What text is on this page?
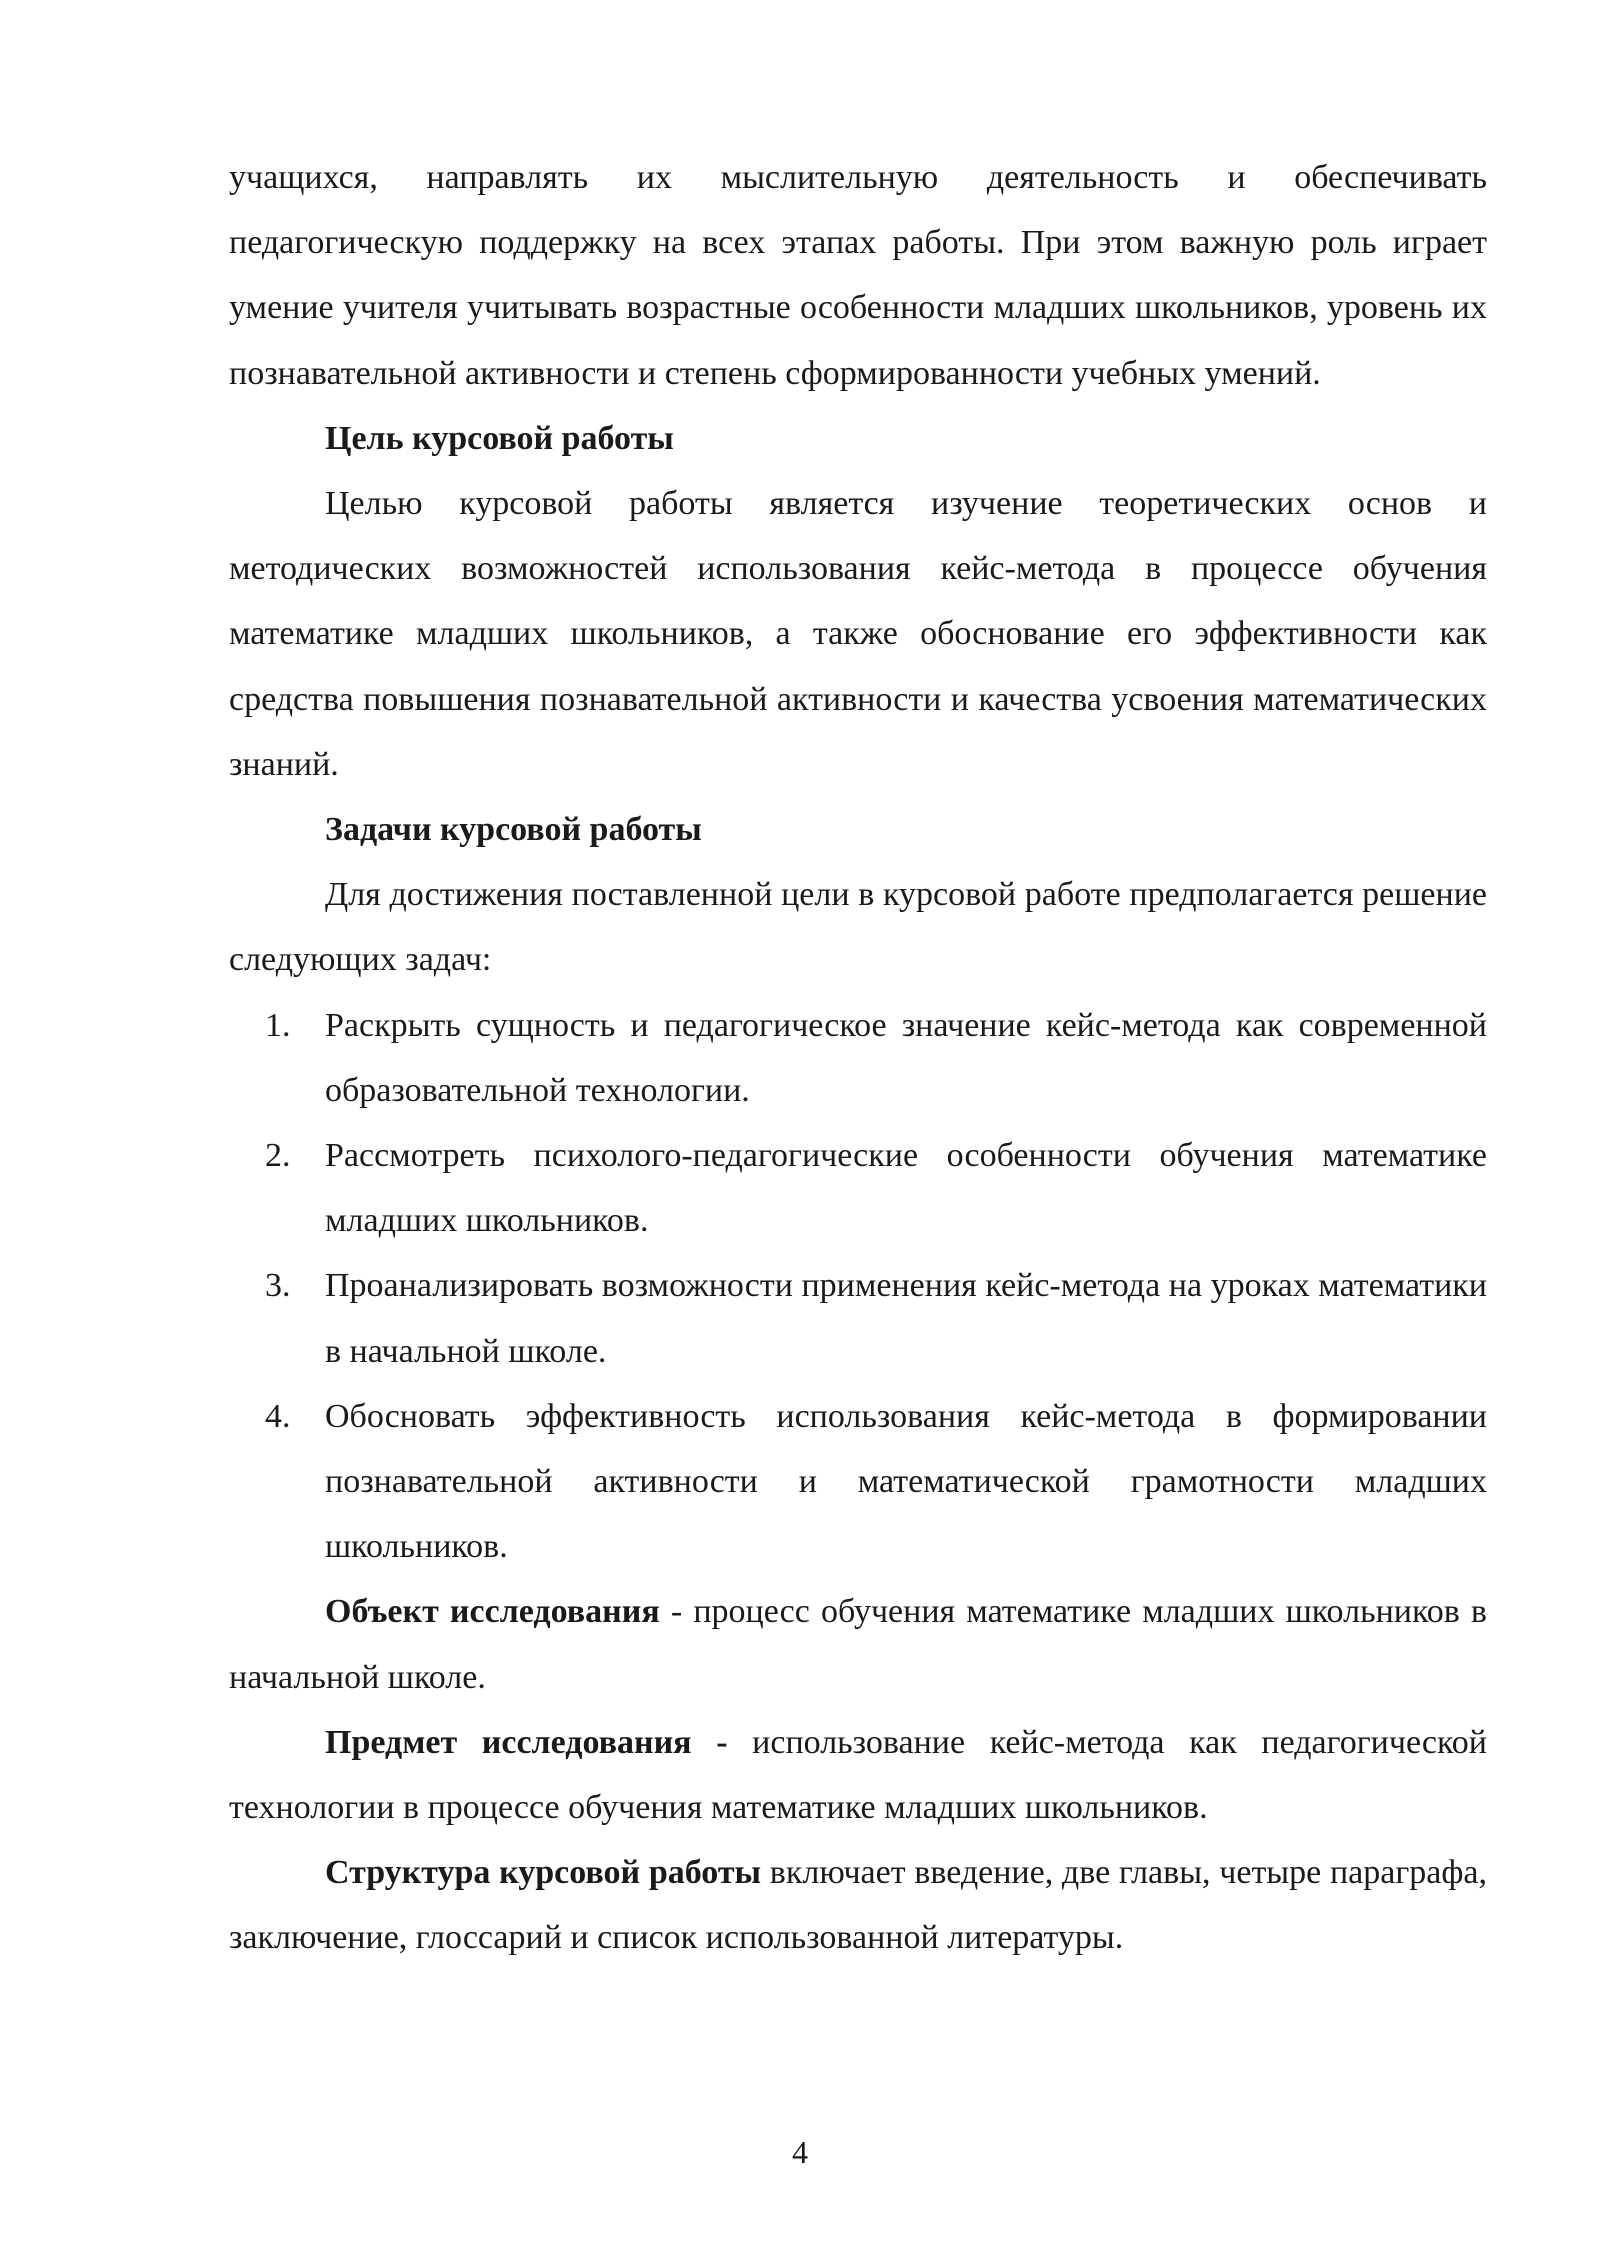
учащихся, направлять их мыслительную деятельность и обеспечивать педагогическую поддержку на всех этапах работы. При этом важную роль играет умение учителя учитывать возрастные особенности младших школьников, уровень их познавательной активности и степень сформированности учебных умений.

Цель курсовой работы

Целью курсовой работы является изучение теоретических основ и методических возможностей использования кейс-метода в процессе обучения математике младших школьников, а также обоснование его эффективности как средства повышения познавательной активности и качества усвоения математических знаний.

Задачи курсовой работы

Для достижения поставленной цели в курсовой работе предполагается решение следующих задач:

1. Раскрыть сущность и педагогическое значение кейс-метода как современной образовательной технологии.
2. Рассмотреть психолого-педагогические особенности обучения математике младших школьников.
3. Проанализировать возможности применения кейс-метода на уроках математики в начальной школе.
4. Обосновать эффективность использования кейс-метода в формировании познавательной активности и математической грамотности младших школьников.

Объект исследования - процесс обучения математике младших школьников в начальной школе.

Предмет исследования - использование кейс-метода как педагогической технологии в процессе обучения математике младших школьников.

Структура курсовой работы включает введение, две главы, четыре параграфа, заключение, глоссарий и список использованной литературы.

4
